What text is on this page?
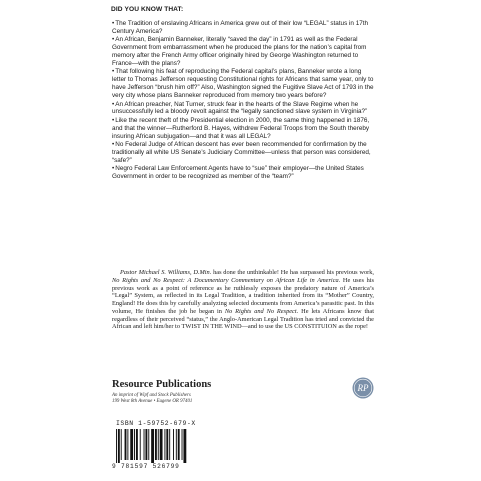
DID YOU KNOW THAT:
•The Tradition of enslaving Africans in America grew out of their low “LEGAL” status in 17th Century America?
•An African, Benjamin Banneker, literally “saved the day” in 1791 as well as the Federal Government from embarrassment when he produced the plans for the nation’s capital from memory after the French Army officer originally hired by George Washington returned to France—with the plans?
•That following his feat of reproducing the Federal capital’s plans, Banneker wrote a long letter to Thomas Jefferson requesting Constitutional rights for Africans that same year, only to have Jefferson “brush him off?” Also, Washington signed the Fugitive Slave Act of 1793 in the very city whose plans Banneker reproduced from memory two years before?
•An African preacher, Nat Turner, struck fear in the hearts of the Slave Regime when he unsuccessfully led a bloody revolt against the “legally sanctioned slave system in Virginia?”
•Like the recent theft of the Presidential election in 2000, the same thing happened in 1876, and that the winner—Rutherford B. Hayes, withdrew Federal Troops from the South thereby insuring African subjugation—and that it was all LEGAL?
•No Federal Judge of African descent has ever been recommended for confirmation by the traditionally all white US Senate’s Judiciary Committee—unless that person was considered, “safe?”
•Negro Federal Law Enforcement Agents have to “sue” their employer—the United States Government in order to be recognized as member of the “team?”
Pastor Michael S. Williams, D.Min. has done the unthinkable! He has surpassed his previous work, No Rights and No Respect: A Documentary Commentary on African Life in America. He uses his previous work as a point of reference as he ruthlessly exposes the predatory nature of America’s “Legal” System, as reflected in its Legal Tradition, a tradition inherited from its “Mother” Country, England! He does this by carefully analyzing selected documents from America’s parasitic past. In this volume, He finishes the job he began in No Rights and No Respect. He lets Africans know that regardless of their perceived “status,” the Anglo-American Legal Tradition has tried and convicted the African and left him/her to TWIST IN THE WIND—and to use the US CONSTITUION as the rope!
Resource Publications
An imprint of Wipf and Stock Publishers
199 West 8th Avenue • Eugene OR 97401
RP
ISBN 1-59752-679-X
9 781597 526799
